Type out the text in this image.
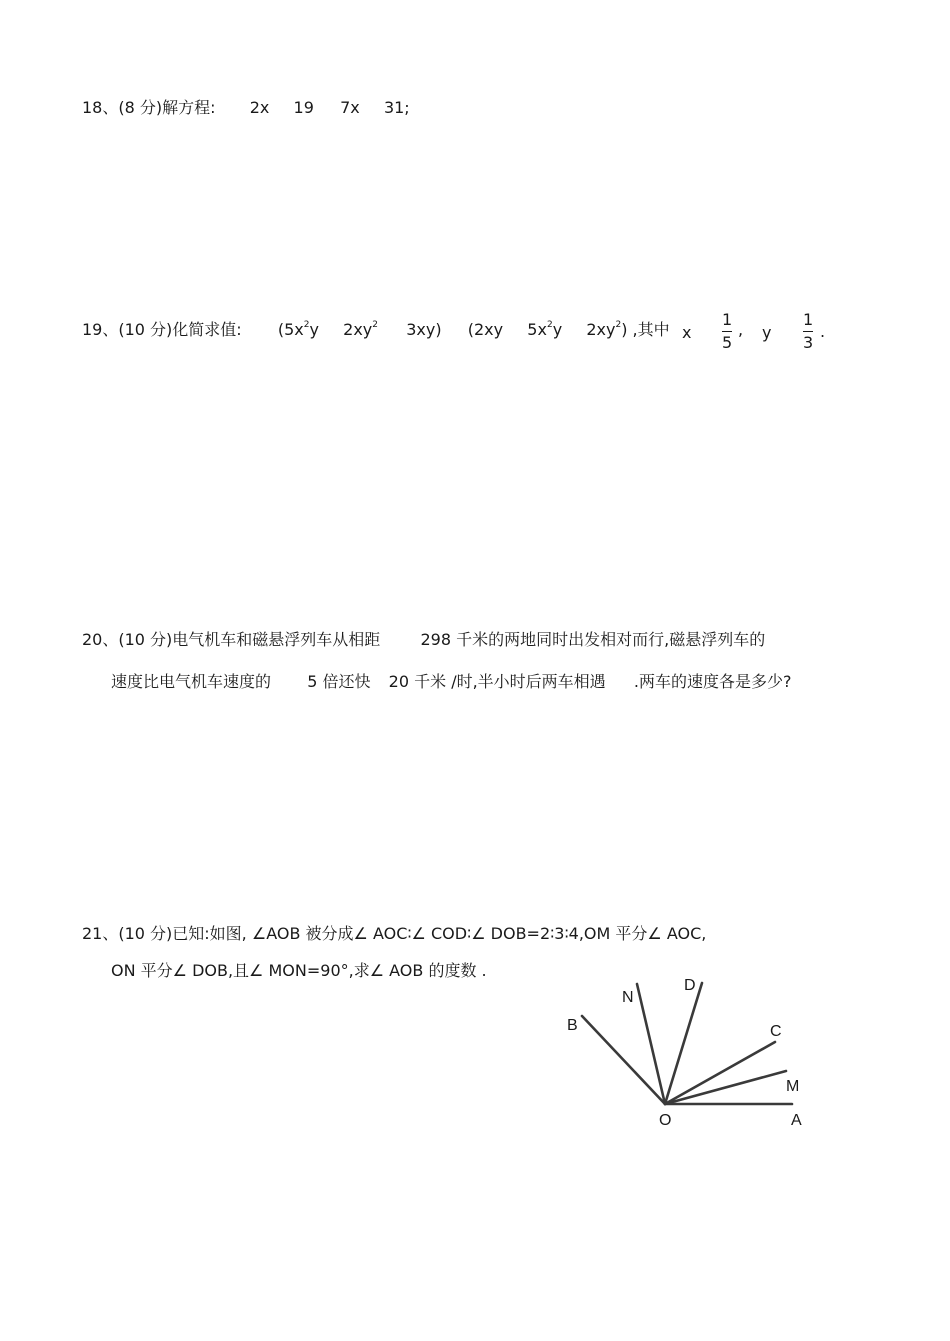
18、(8 分)解方程: 2x 19 7x 31;
19、(10 分)化简求值: ($5x^2y$ $2xy^2$ 3xy) (2xy $5x^2y$ $2xy^2$) ,其中 x
1
5
, y
1
3
.
20、(10 分)电气机车和磁悬浮列车从相距	298 千米的两地同时出发相对而行,磁悬浮列车的
速度比电气机车速度的 5 倍还快 20 千米 /时,半小时后两车相遇 .两车的速度各是多少?
21、(10 分)已知:如图, ∠AOB 被分成∠ AOC∶∠ COD∶∠ DOB=2∶3∶4,OM 平分∠ AOC,
ON 平分∠ DOB,且∠ MON=90°,求∠ AOB 的度数 .
N
D
B	C
M
O	A
